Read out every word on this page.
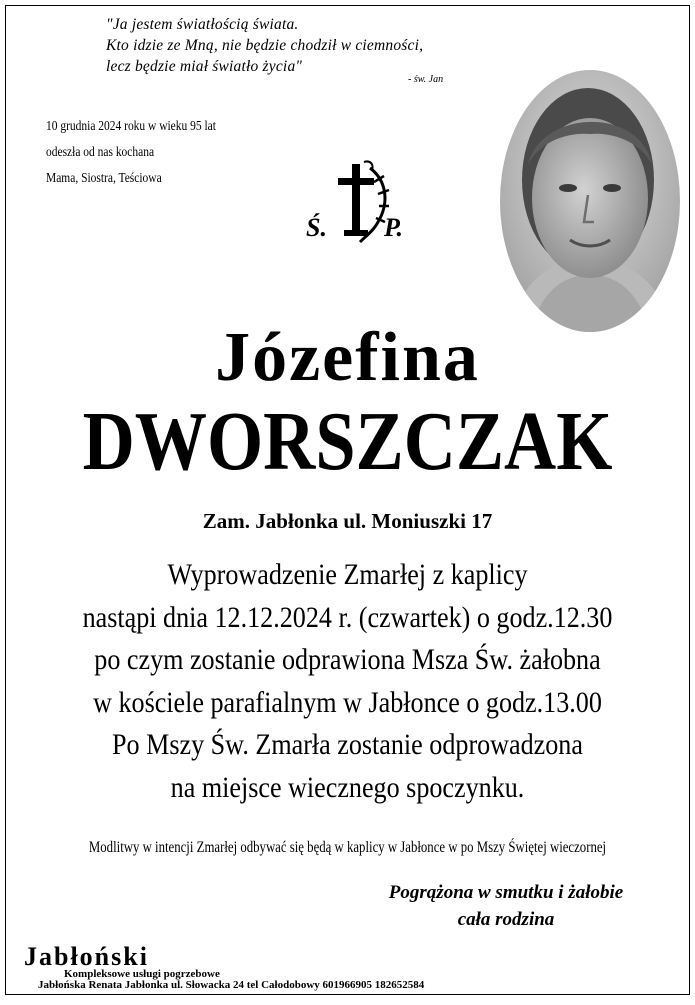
"Ja jestem światłością świata.
Kto idzie ze Mną, nie będzie chodził w ciemności,
lecz będzie miał światło życia"
- św. Jan
10 grudnia 2024 roku w wieku 95 lat
odeszła od nas kochana
Mama, Siostra, Teściowa
Ś. P.
Józefina
DWORSZCZAK
Zam. Jabłonka ul. Moniuszki 17
Wyprowadzenie Zmarłej z kaplicy
nastąpi dnia 12.12.2024 r. (czwartek) o godz.12.30
po czym zostanie odprawiona Msza Św. żałobna
w kościele parafialnym w Jabłonce o godz.13.00
Po Mszy Św. Zmarła zostanie odprowadzona
na miejsce wiecznego spoczynku.
Modlitwy w intencji Zmarłej odbywać się będą w kaplicy w Jabłonce w po Mszy Świętej wieczornej
Pogrążona w smutku i żałobie
cała rodzina
Jabłoński
Kompleksowe usługi pogrzebowe
Jabłońska Renata Jabłonka ul. Słowacka 24 tel Całodobowy 601966905 182652584
